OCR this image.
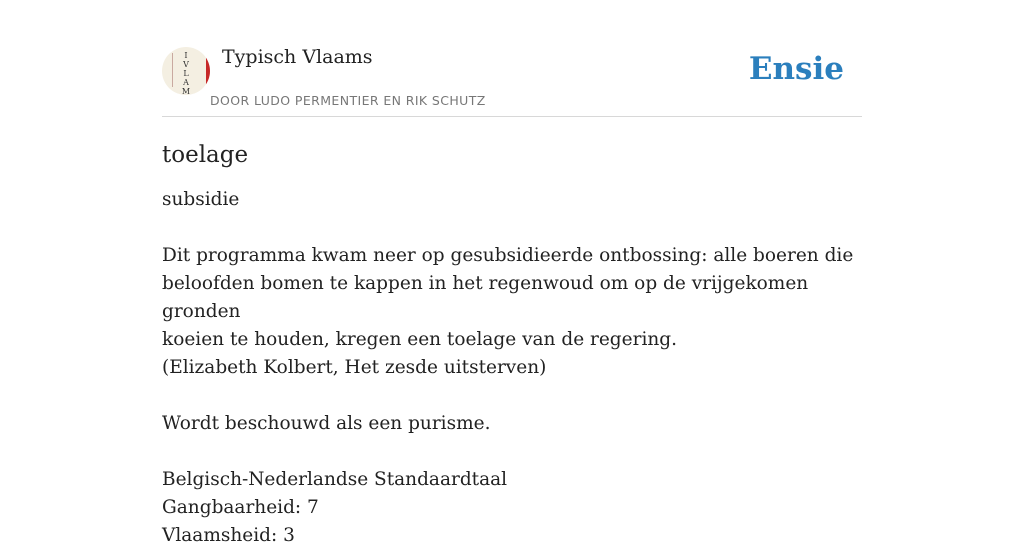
I
V
L
A
M
Typisch Vlaams
DOOR LUDO PERMENTIER EN RIK SCHUTZ
Ensie
toelage
subsidie
Dit programma kwam neer op gesubsidieerde ontbossing: alle boeren die
beloofden bomen te kappen in het regenwoud om op de vrijgekomen gronden
koeien te houden, kregen een toelage van de regering.
(Elizabeth Kolbert, Het zesde uitsterven)
Wordt beschouwd als een purisme.
Belgisch-Nederlandse Standaardtaal
Gangbaarheid: 7
Vlaamsheid: 3
